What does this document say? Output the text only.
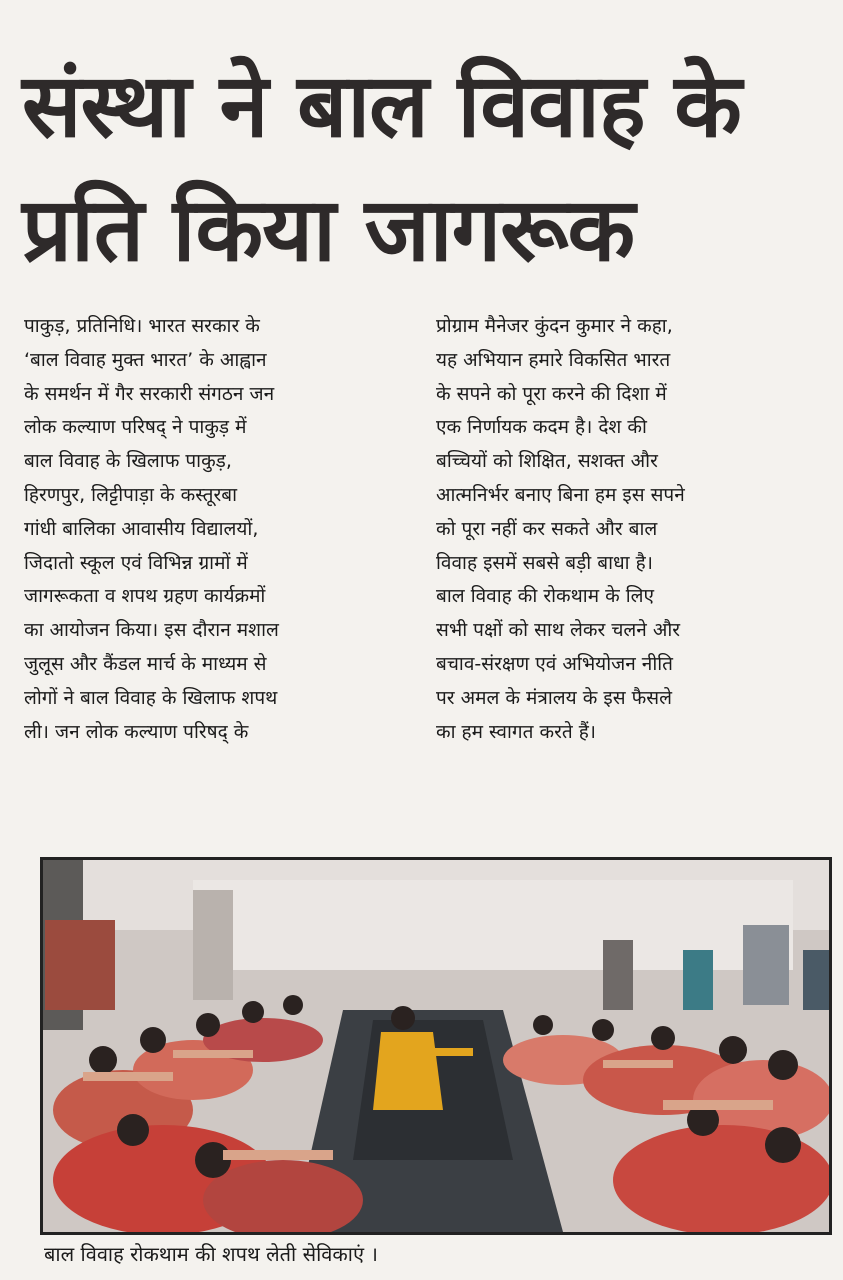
संस्था ने बाल विवाह के
प्रति किया जागरूक

पाकुड़, प्रतिनिधि। भारत सरकार के
‘बाल विवाह मुक्त भारत’ के आह्वान
के समर्थन में गैर सरकारी संगठन जन
लोक कल्याण परिषद् ने पाकुड़ में
बाल विवाह के खिलाफ पाकुड़,
हिरणपुर, लिट्टीपाड़ा के कस्तूरबा
गांधी बालिका आवासीय विद्यालयों,
जिदातो स्कूल एवं विभिन्न ग्रामों में
जागरूकता व शपथ ग्रहण कार्यक्रमों
का आयोजन किया। इस दौरान मशाल
जुलूस और कैंडल मार्च के माध्यम से
लोगों ने बाल विवाह के खिलाफ शपथ
ली। जन लोक कल्याण परिषद् के

प्रोग्राम मैनेजर कुंदन कुमार ने कहा,
यह अभियान हमारे विकसित भारत
के सपने को पूरा करने की दिशा में
एक निर्णायक कदम है। देश की
बच्चियों को शिक्षित, सशक्त और
आत्मनिर्भर बनाए बिना हम इस सपने
को पूरा नहीं कर सकते और बाल
विवाह इसमें सबसे बड़ी बाधा है।
बाल विवाह की रोकथाम के लिए
सभी पक्षों को साथ लेकर चलने और
बचाव-संरक्षण एवं अभियोजन नीति
पर अमल के मंत्रालय के इस फैसले
का हम स्वागत करते हैं।

बाल विवाह रोकथाम की शपथ लेती सेविकाएं ।
